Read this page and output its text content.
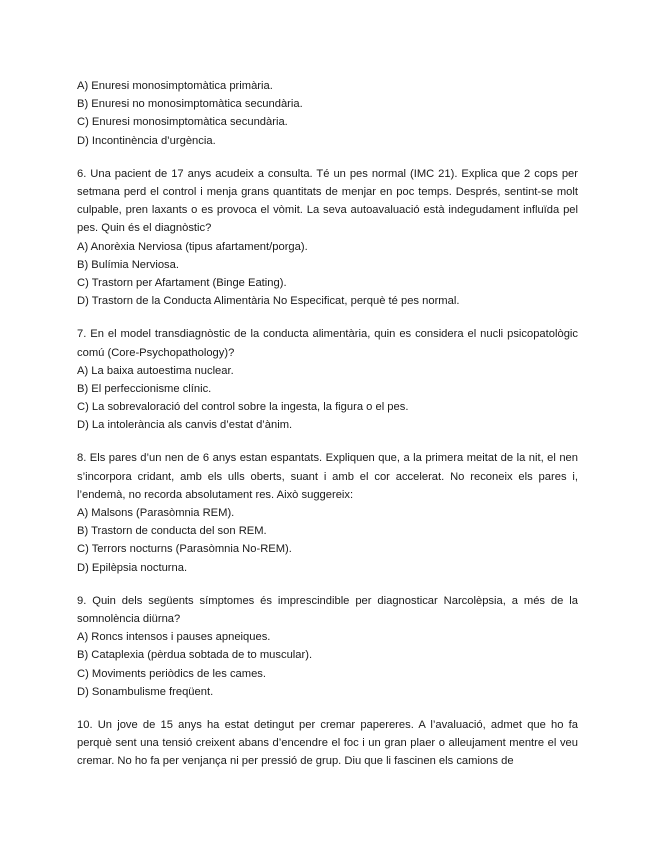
A) Enuresi monosimptomàtica primària.
B) Enuresi no monosimptomàtica secundària.
C) Enuresi monosimptomàtica secundària.
D) Incontinència d’urgència.

6. Una pacient de 17 anys acudeix a consulta. Té un pes normal (IMC 21). Explica que 2 cops per setmana perd el control i menja grans quantitats de menjar en poc temps. Després, sentint-se molt culpable, pren laxants o es provoca el vòmit. La seva autoavaluació està indegudament influïda pel pes. Quin és el diagnòstic?

A) Anorèxia Nerviosa (tipus afartament/porga).
B) Bulímia Nerviosa.
C) Trastorn per Afartament (Binge Eating).
D) Trastorn de la Conducta Alimentària No Especificat, perquè té pes normal.

7. En el model transdiagnòstic de la conducta alimentària, quin es considera el nucli psicopatològic comú (Core-Psychopathology)?

A) La baixa autoestima nuclear.
B) El perfeccionisme clínic.
C) La sobrevaloració del control sobre la ingesta, la figura o el pes.
D) La intolerància als canvis d’estat d’ànim.

8. Els pares d’un nen de 6 anys estan espantats. Expliquen que, a la primera meitat de la nit, el nen s’incorpora cridant, amb els ulls oberts, suant i amb el cor accelerat. No reconeix els pares i, l’endemà, no recorda absolutament res. Això suggereix:

A) Malsons (Parasòmnia REM).
B) Trastorn de conducta del son REM.
C) Terrors nocturns (Parasòmnia No-REM).
D) Epilèpsia nocturna.

9. Quin dels següents símptomes és imprescindible per diagnosticar Narcolèpsia, a més de la somnolència diürna?

A) Roncs intensos i pauses apneiques.
B) Cataplexia (pèrdua sobtada de to muscular).
C) Moviments periòdics de les cames.
D) Sonambulisme freqüent.

10. Un jove de 15 anys ha estat detingut per cremar papereres. A l’avaluació, admet que ho fa perquè sent una tensió creixent abans d’encendre el foc i un gran plaer o alleujament mentre el veu cremar. No ho fa per venjança ni per pressió de grup. Diu que li fascinen els camions de
